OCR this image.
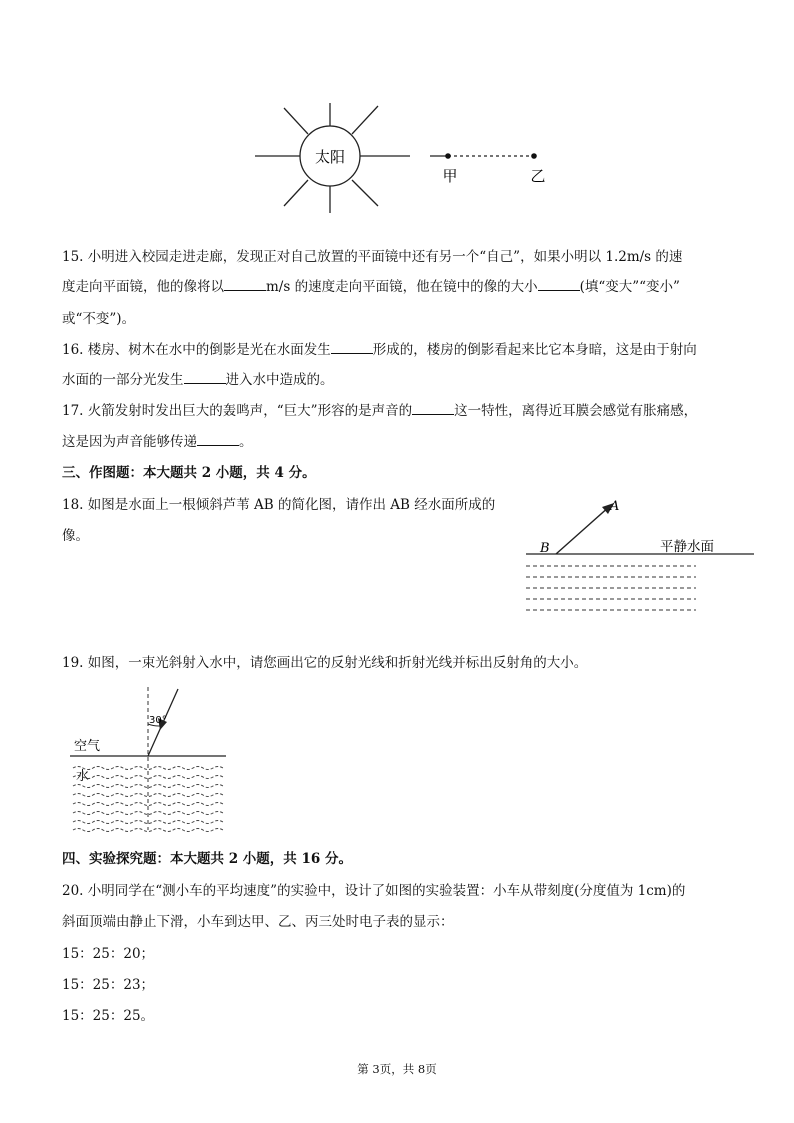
太阳
甲	乙
15. 小明进入校园走进走廊，发现正对自己放置的平面镜中还有另一个“自己”，如果小明以 1.2m/s 的速
度走向平面镜，他的像将以	m/s 的速度走向平面镜，他在镜中的像的大小	(填“变大”“变小”
或“不变”)。
16. 楼房、树木在水中的倒影是光在水面发生	形成的，楼房的倒影看起来比它本身暗，这是由于射向
水面的一部分光发生	进入水中造成的。
17. 火箭发射时发出巨大的轰鸣声，“巨大”形容的是声音的	这一特性，离得近耳膜会感觉有胀痛感，
这是因为声音能够传递	。
三、作图题：本大题共 2 小题，共 4 分。
18. 如图是水面上一根倾斜芦苇 AB 的简化图，请作出 AB 经水面所成的
像。
A
B	平静水面
19. 如图，一束光斜射入水中，请您画出它的反射光线和折射光线并标出反射角的大小。
30°
空气
水
四、实验探究题：本大题共 2 小题，共 16 分。
20. 小明同学在“测小车的平均速度”的实验中，设计了如图的实验装置：小车从带刻度(分度值为 1cm)的
斜面顶端由静止下滑，小车到达甲、乙、丙三处时电子表的显示：
15：25：20；
15：25：23；
15：25：25。
第 3页，共 8页
